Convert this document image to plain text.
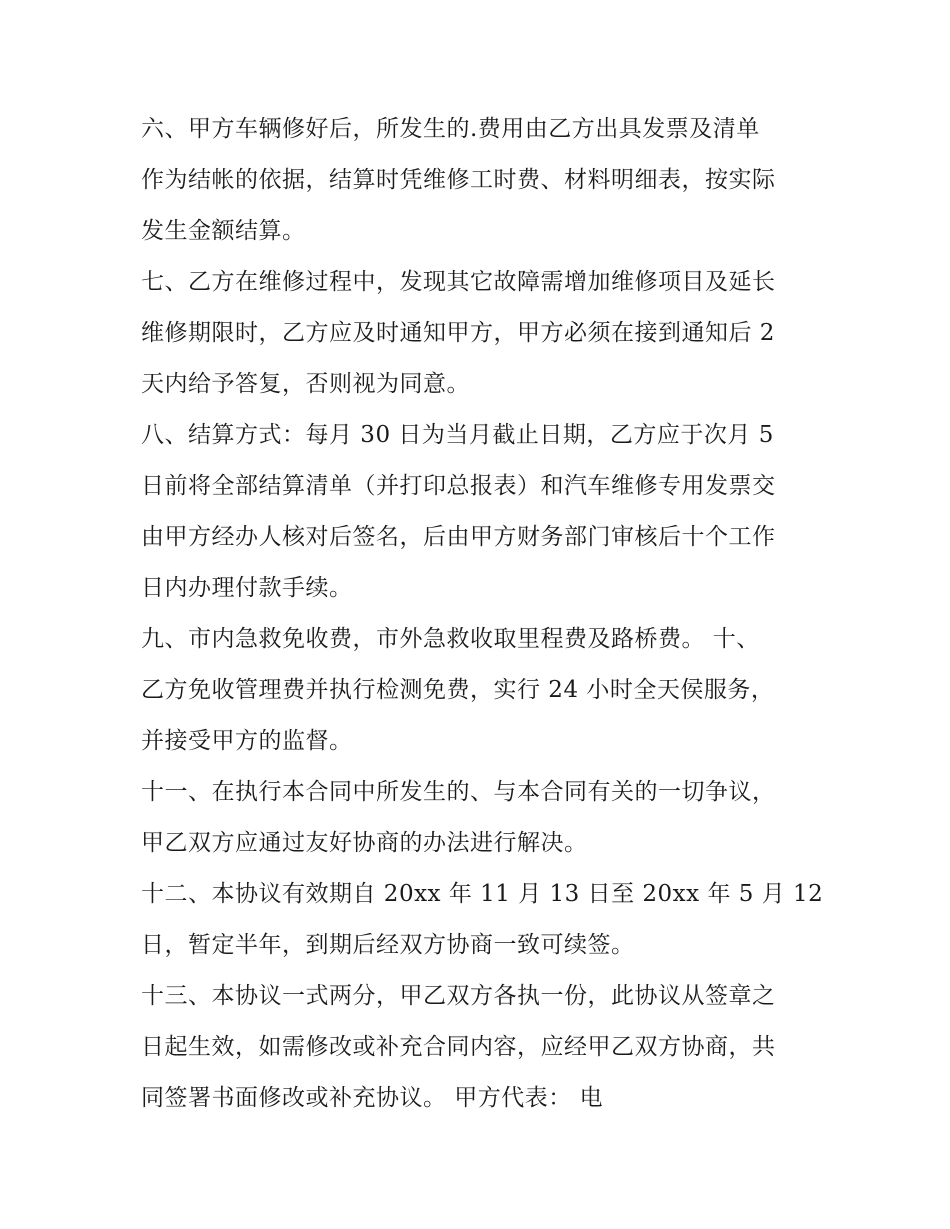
六、甲方车辆修好后，所发生的.费用由乙方出具发票及清单
作为结帐的依据，结算时凭维修工时费、材料明细表，按实际
发生金额结算。
七、乙方在维修过程中，发现其它故障需增加维修项目及延长
维修期限时，乙方应及时通知甲方，甲方必须在接到通知后 2
天内给予答复，否则视为同意。
八、结算方式：每月 30 日为当月截止日期，乙方应于次月 5
日前将全部结算清单（并打印总报表）和汽车维修专用发票交
由甲方经办人核对后签名，后由甲方财务部门审核后十个工作
日内办理付款手续。
九、市内急救免收费，市外急救收取里程费及路桥费。 十、
乙方免收管理费并执行检测免费，实行 24 小时全天侯服务，
并接受甲方的监督。
十一、在执行本合同中所发生的、与本合同有关的一切争议，
甲乙双方应通过友好协商的办法进行解决。
十二、本协议有效期自 20xx 年 11 月 13 日至 20xx 年 5 月 12
日，暂定半年，到期后经双方协商一致可续签。
十三、本协议一式两分，甲乙双方各执一份，此协议从签章之
日起生效，如需修改或补充合同内容，应经甲乙双方协商，共
同签署书面修改或补充协议。 甲方代表： 电
